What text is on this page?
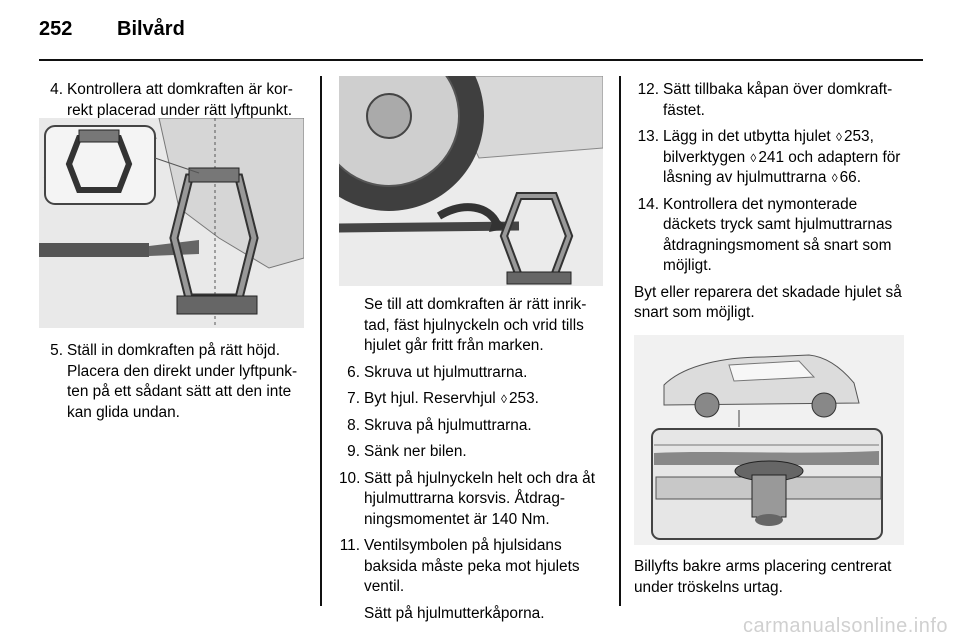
252 Bilvård
4. Kontrollera att domkraften är kor-rekt placerad under rätt lyftpunkt.
5. Ställ in domkraften på rätt höjd. Placera den direkt under lyftpunk-ten på ett sådant sätt att den inte kan glida undan.

Se till att domkraften är rätt inrik-tad, fäst hjulnyckeln och vrid tills hjulet går fritt från marken.

6. Skruva ut hjulmuttrarna.
7. Byt hjul. Reservhjul ◊ 253.
8. Skruva på hjulmuttrarna.
9. Sänk ner bilen.
10. Sätt på hjulnyckeln helt och dra åt hjulmuttrarna korsvis. Åtdrag-ningsmomentet är 140 Nm.
11. Ventilsymbolen på hjulsidans baksida måste peka mot hjulets ventil.
Sätt på hjulmutterkåporna.
12. Sätt tillbaka kåpan över domkraft-fästet.
13. Lägg in det utbytta hjulet ◊ 253, bilverktygen ◊ 241 och adaptern för låsning av hjulmuttrarna ◊ 66.
14. Kontrollera det nymonterade däckets tryck samt hjulmuttrarnas åtdragningsmoment så snart som möjligt.

Byt eller reparera det skadade hjulet så snart som möjligt.

Billyfts bakre arms placering centrerat under tröskelns urtag.

carmanualsonline.info
